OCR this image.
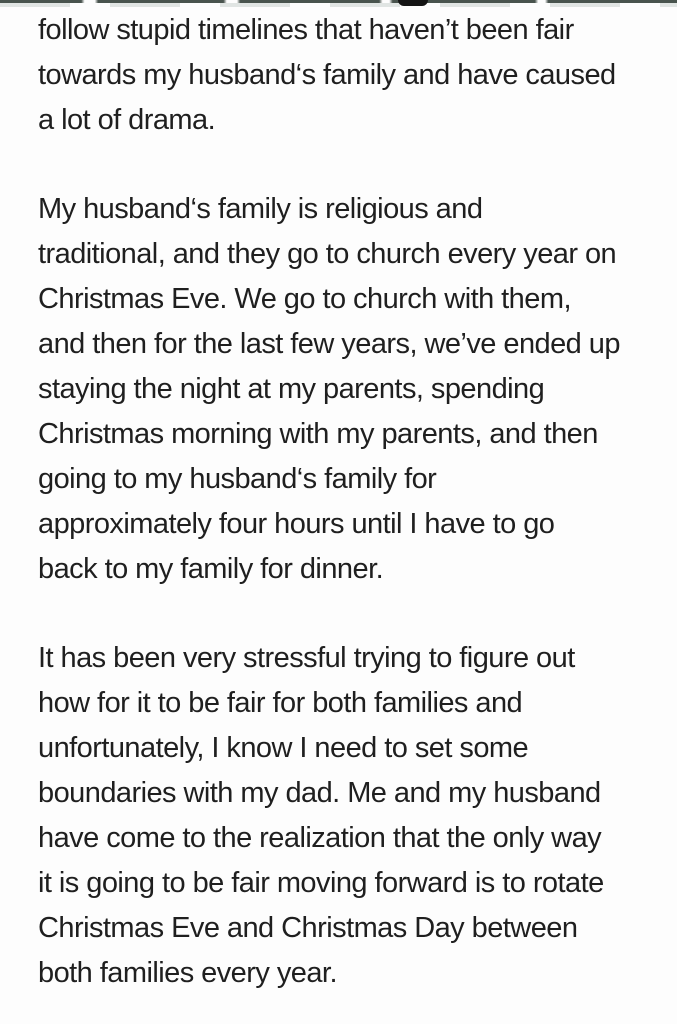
follow stupid timelines that haven’t been fair
towards my husband‘s family and have caused
a lot of drama.
My husband‘s family is religious and
traditional, and they go to church every year on
Christmas Eve. We go to church with them,
and then for the last few years, we’ve ended up
staying the night at my parents, spending
Christmas morning with my parents, and then
going to my husband‘s family for
approximately four hours until I have to go
back to my family for dinner.
It has been very stressful trying to figure out
how for it to be fair for both families and
unfortunately, I know I need to set some
boundaries with my dad. Me and my husband
have come to the realization that the only way
it is going to be fair moving forward is to rotate
Christmas Eve and Christmas Day between
both families every year.
